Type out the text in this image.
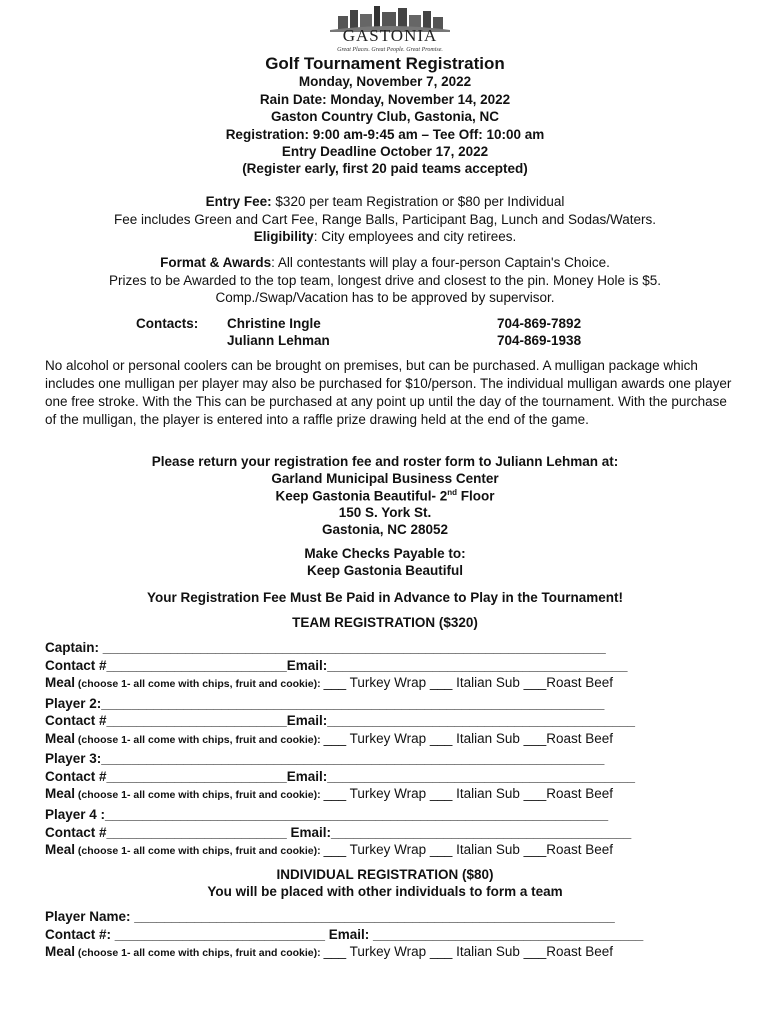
GASTONIA
Great Places. Great People. Great Promise.
Golf Tournament Registration
Monday, November 7, 2022
Rain Date: Monday, November 14, 2022
Gaston Country Club, Gastonia, NC
Registration: 9:00 am-9:45 am – Tee Off: 10:00 am
Entry Deadline October 17, 2022
(Register early, first 20 paid teams accepted)
Entry Fee: $320 per team Registration or $80 per Individual
Fee includes Green and Cart Fee, Range Balls, Participant Bag, Lunch and Sodas/Waters.
Eligibility: City employees and city retirees.
Format & Awards: All contestants will play a four-person Captain's Choice.
Prizes to be Awarded to the top team, longest drive and closest to the pin. Money Hole is $5.
Comp./Swap/Vacation has to be approved by supervisor.
Contacts: Christine Ingle	704-869-7892
Juliann Lehman	704-869-1938
No alcohol or personal coolers can be brought on premises, but can be purchased. A mulligan package which includes one mulligan per player may also be purchased for $10/person. The individual mulligan awards one player one free stroke. With the This can be purchased at any point up until the day of the tournament. With the purchase of the mulligan, the player is entered into a raffle prize drawing held at the end of the game.
Please return your registration fee and roster form to Juliann Lehman at:
Garland Municipal Business Center
Keep Gastonia Beautiful- 2nd Floor
150 S. York St.
Gastonia, NC 28052
Make Checks Payable to:
Keep Gastonia Beautiful
Your Registration Fee Must Be Paid in Advance to Play in the Tournament!
TEAM REGISTRATION ($320)
Captain: ___________________________________________________________________
Contact #________________________Email:________________________________________
Meal (choose 1- all come with chips, fruit and cookie): ___ Turkey Wrap ___ Italian Sub ___Roast Beef
Player 2:___________________________________________________________________
Contact #________________________Email:_________________________________________
Meal (choose 1- all come with chips, fruit and cookie): ___ Turkey Wrap ___ Italian Sub ___Roast Beef
Player 3:___________________________________________________________________
Contact #________________________Email:_________________________________________
Meal (choose 1- all come with chips, fruit and cookie): ___ Turkey Wrap ___ Italian Sub ___Roast Beef
Player 4 :___________________________________________________________________
Contact #________________________ Email:________________________________________
Meal (choose 1- all come with chips, fruit and cookie): ___ Turkey Wrap ___ Italian Sub ___Roast Beef
INDIVIDUAL REGISTRATION ($80)
You will be placed with other individuals to form a team
Player Name: ________________________________________________________________
Contact #: ____________________________ Email: ____________________________________
Meal (choose 1- all come with chips, fruit and cookie): ___ Turkey Wrap ___ Italian Sub ___Roast Beef
